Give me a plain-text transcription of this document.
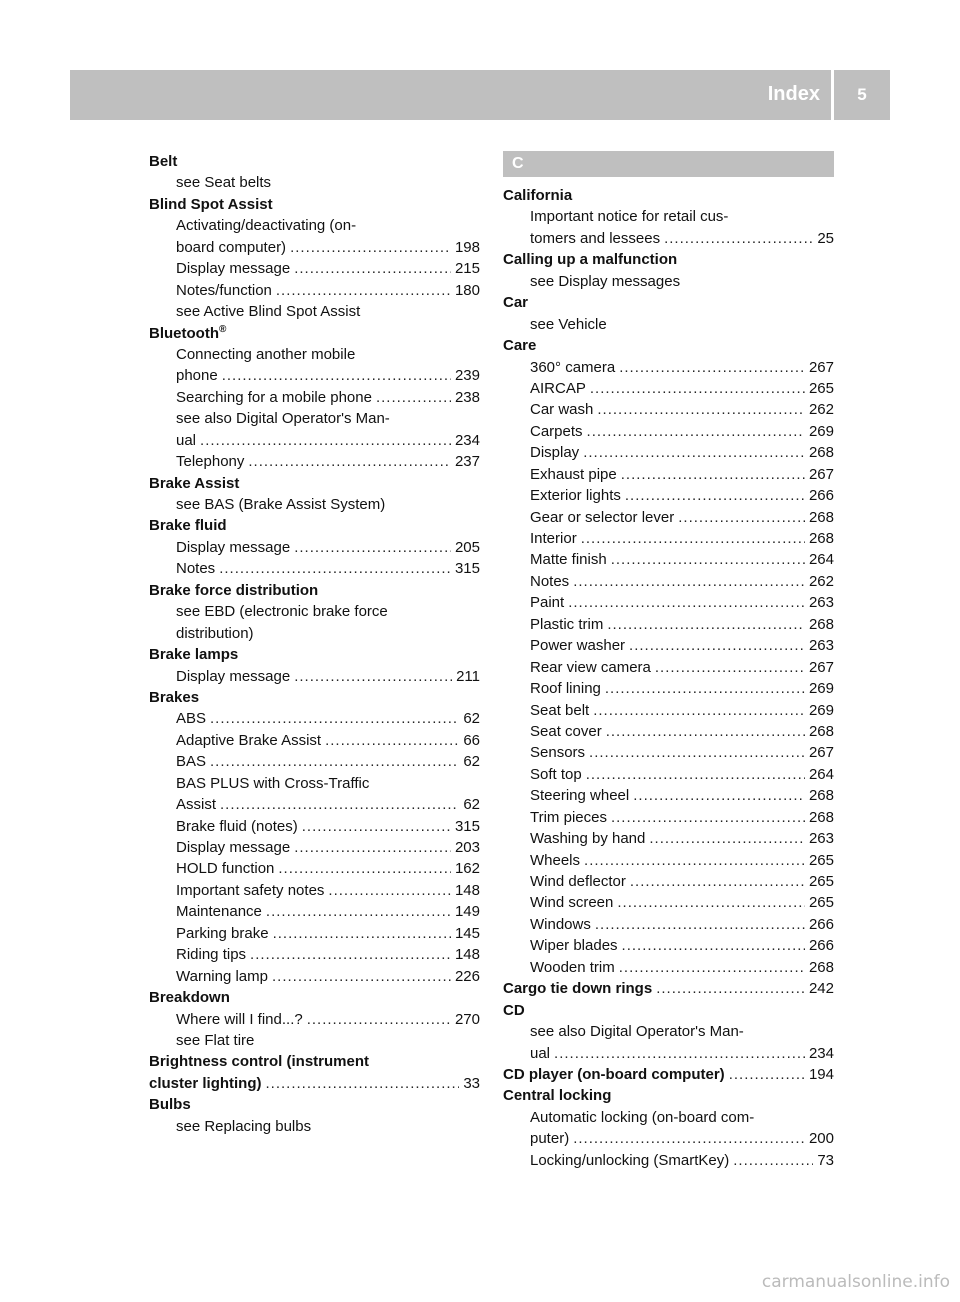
Index	5
Belt
see Seat belts
Blind Spot Assist
Activating/deactivating (on-
board computer) .....	198
Display message .....	215
Notes/function .....	180
see Active Blind Spot Assist
Bluetooth®
Connecting another mobile
phone .....	239
Searching for a mobile phone .....	238
see also Digital Operator's Man-
ual .....	234
Telephony .....	237
Brake Assist
see BAS (Brake Assist System)
Brake fluid
Display message .....	205
Notes .....	315
Brake force distribution
see EBD (electronic brake force
distribution)
Brake lamps
Display message .....	211
Brakes
ABS .....	62
Adaptive Brake Assist .....	66
BAS .....	62
BAS PLUS with Cross-Traffic
Assist .....	62
Brake fluid (notes) .....	315
Display message .....	203
HOLD function .....	162
Important safety notes .....	148
Maintenance .....	149
Parking brake .....	145
Riding tips .....	148
Warning lamp .....	226
Breakdown
Where will I find...? .....	270
see Flat tire
Brightness control (instrument
cluster lighting) .....	33
Bulbs
see Replacing bulbs
C
California
Important notice for retail cus-
tomers and lessees .....	25
Calling up a malfunction
see Display messages
Car
see Vehicle
Care
360° camera .....	267
AIRCAP .....	265
Car wash .....	262
Carpets .....	269
Display .....	268
Exhaust pipe .....	267
Exterior lights .....	266
Gear or selector lever .....	268
Interior .....	268
Matte finish .....	264
Notes .....	262
Paint .....	263
Plastic trim .....	268
Power washer .....	263
Rear view camera .....	267
Roof lining .....	269
Seat belt .....	269
Seat cover .....	268
Sensors .....	267
Soft top .....	264
Steering wheel .....	268
Trim pieces .....	268
Washing by hand .....	263
Wheels .....	265
Wind deflector .....	265
Wind screen .....	265
Windows .....	266
Wiper blades .....	266
Wooden trim .....	268
Cargo tie down rings .....	242
CD
see also Digital Operator's Man-
ual .....	234
CD player (on-board computer) .....	194
Central locking
Automatic locking (on-board com-
puter) .....	200
Locking/unlocking (SmartKey) .....	73
carmanualsonline.info
